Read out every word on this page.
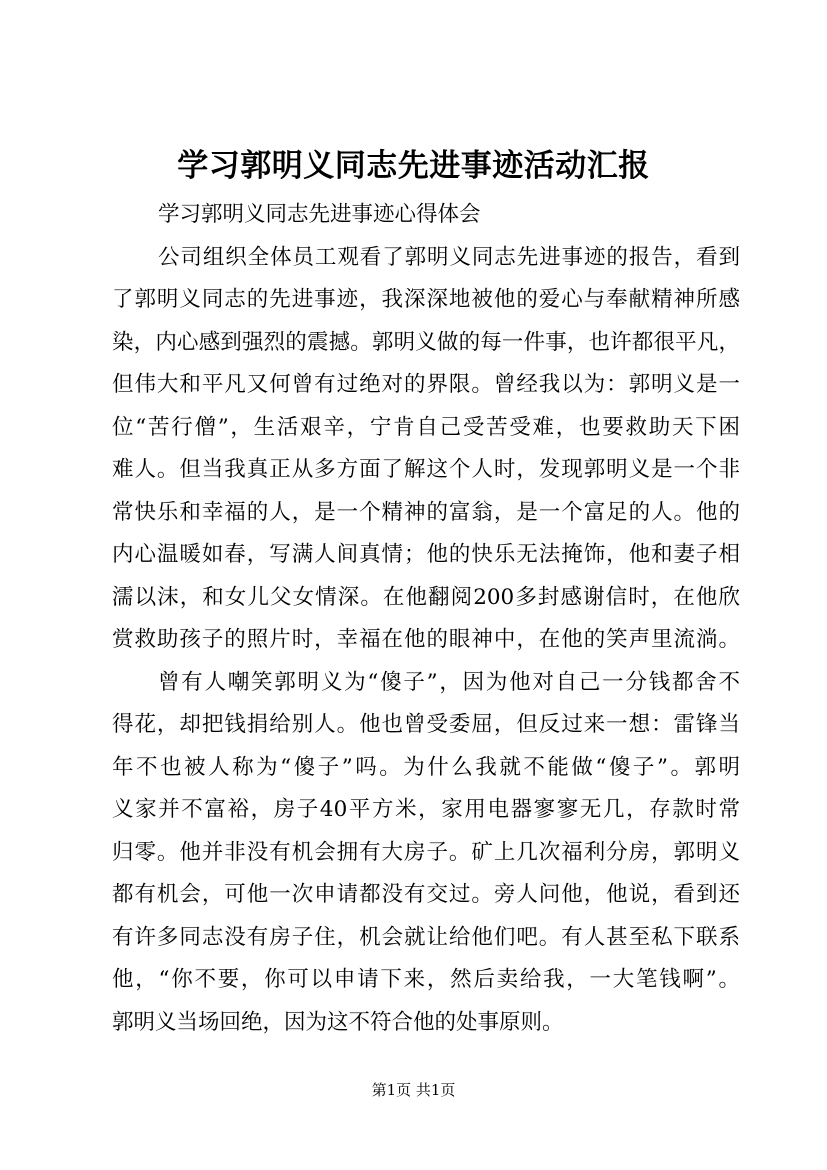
学习郭明义同志先进事迹活动汇报
学习郭明义同志先进事迹心得体会
公司组织全体员工观看了郭明义同志先进事迹的报告，看到
了郭明义同志的先进事迹，我深深地被他的爱心与奉献精神所感
染，内心感到强烈的震撼。郭明义做的每一件事，也许都很平凡，
但伟大和平凡又何曾有过绝对的界限。曾经我以为：郭明义是一
位“苦行僧”，生活艰辛，宁肯自己受苦受难，也要救助天下困
难人。但当我真正从多方面了解这个人时，发现郭明义是一个非
常快乐和幸福的人，是一个精神的富翁，是一个富足的人。他的
内心温暖如春，写满人间真情；他的快乐无法掩饰，他和妻子相
濡以沫，和女儿父女情深。在他翻阅200多封感谢信时，在他欣
赏救助孩子的照片时，幸福在他的眼神中，在他的笑声里流淌。
曾有人嘲笑郭明义为“傻子”，因为他对自己一分钱都舍不
得花，却把钱捐给别人。他也曾受委屈，但反过来一想：雷锋当
年不也被人称为“傻子”吗。为什么我就不能做“傻子”。郭明
义家并不富裕，房子40平方米，家用电器寥寥无几，存款时常
归零。他并非没有机会拥有大房子。矿上几次福利分房，郭明义
都有机会，可他一次申请都没有交过。旁人问他，他说，看到还
有许多同志没有房子住，机会就让给他们吧。有人甚至私下联系
他，“你不要，你可以申请下来，然后卖给我，一大笔钱啊”。
郭明义当场回绝，因为这不符合他的处事原则。
第1页 共1页
